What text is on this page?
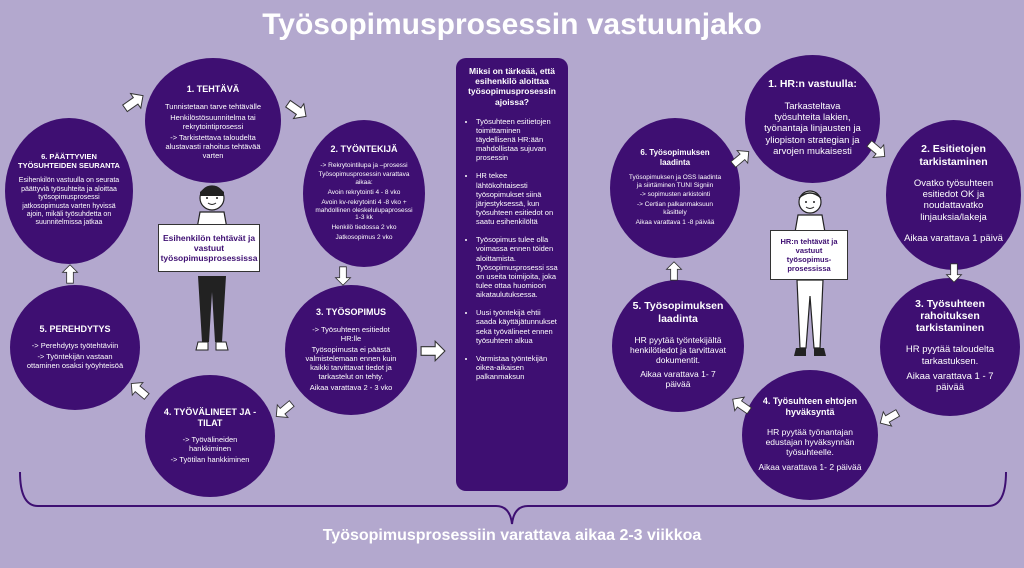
Työsopimusprosessin vastuunjako
1. TEHTÄVÄ
Tunnistetaan tarve tehtävälle
Henkilöstösuunnitelma tai rekrytointiprosessi
-> Tarkistettava taloudelta alustavasti rahoitus tehtävää varten
2. TYÖNTEKIJÄ
-> Rekrytointilupa ja –prosessi
Työsopimusprosessin varattava aikaa:
Avoin rekrytointi 4 - 8 vko
Avoin kv-rekrytointi 4 -8 vko + mahdollinen oleskelulupaprosessi 1-3 kk
Henkilö tiedossa 2 vko
Jatkosopimus 2 vko
3. TYÖSOPIMUS
-> Työsuhteen esitiedot HR:lle
Työsopimusta ei päästä valmistelemaan ennen kuin kaikki tarvittavat tiedot ja tarkastelut on tehty.
Aikaa varattava 2 - 3 vko
4. TYÖVÄLINEET JA -TILAT
-> Työvälineiden hankkiminen
-> Työtilan hankkiminen
5. PEREHDYTYS
-> Perehdytys työtehtäviin
-> Työntekijän vastaan ottaminen osaksi työyhteisöä
6. PÄÄTTYVIEN TYÖSUHTEIDEN SEURANTA
Esihenkilön vastuulla on seurata päättyviä työsuhteita ja aloittaa työsopimusprosessi jatkosopimusta varten hyvissä ajoin, mikäli työsuhdetta on suunnitelmissa jatkaa
Esihenkilön tehtävät ja vastuut työsopimusprosessissa
Miksi on tärkeää, että esihenkilö aloittaa työsopimusprosessin ajoissa?
• Työsuhteen esitietojen toimittaminen täydellisenä HR:ään mahdollistaa sujuvan prosessin
• HR tekee lähtökohtaisesti työsopimukset siinä järjestyksessä, kun työsuhteen esitiedot on saatu esihenkilöltä
• Työsopimus tulee olla voimassa ennen töiden aloittamista. Työsopimusprosessi ssa on useita toimijoita, joka tulee ottaa huomioon aikataulutuksessa.
• Uusi työntekijä ehtii saada käyttäjätunnukset sekä työvälineet ennen työsuhteen alkua
• Varmistaa työntekijän oikea-aikaisen palkanmaksun
1. HR:n vastuulla:
Tarkasteltava työsuhteita lakien, työnantaja linjausten ja yliopiston strategian ja arvojen mukaisesti	2. Esitietojen tarkistaminen
Ovatko työsuhteen esitiedot OK ja noudattavatko linjauksia/lakeja
Aikaa varattava 1 päivä
3. Työsuhteen rahoituksen tarkistaminen
HR pyytää taloudelta tarkastuksen.
Aikaa varattava 1 - 7 päivää
4. Työsuhteen ehtojen hyväksyntä
HR pyytää työnantajan edustajan hyväksynnän työsuhteelle.
Aikaa varattava 1- 2 päivää
5. Työsopimuksen laadinta
HR pyytää työntekijältä henkilötiedot ja tarvittavat dokumentit.
Aikaa varattava 1- 7 päivää
6. Työsopimuksen laadinta
Työsopimuksen ja OSS laadinta ja siirtäminen TUNI Signiin
-> sopimusten arkistointi
-> Certian palkanmaksuun käsittely
Aikaa varattava 1 -8 päivää
HR:n tehtävät ja vastuut työsopimus-prosessissa
Työsopimusprosessiin varattava aikaa 2-3 viikkoa
